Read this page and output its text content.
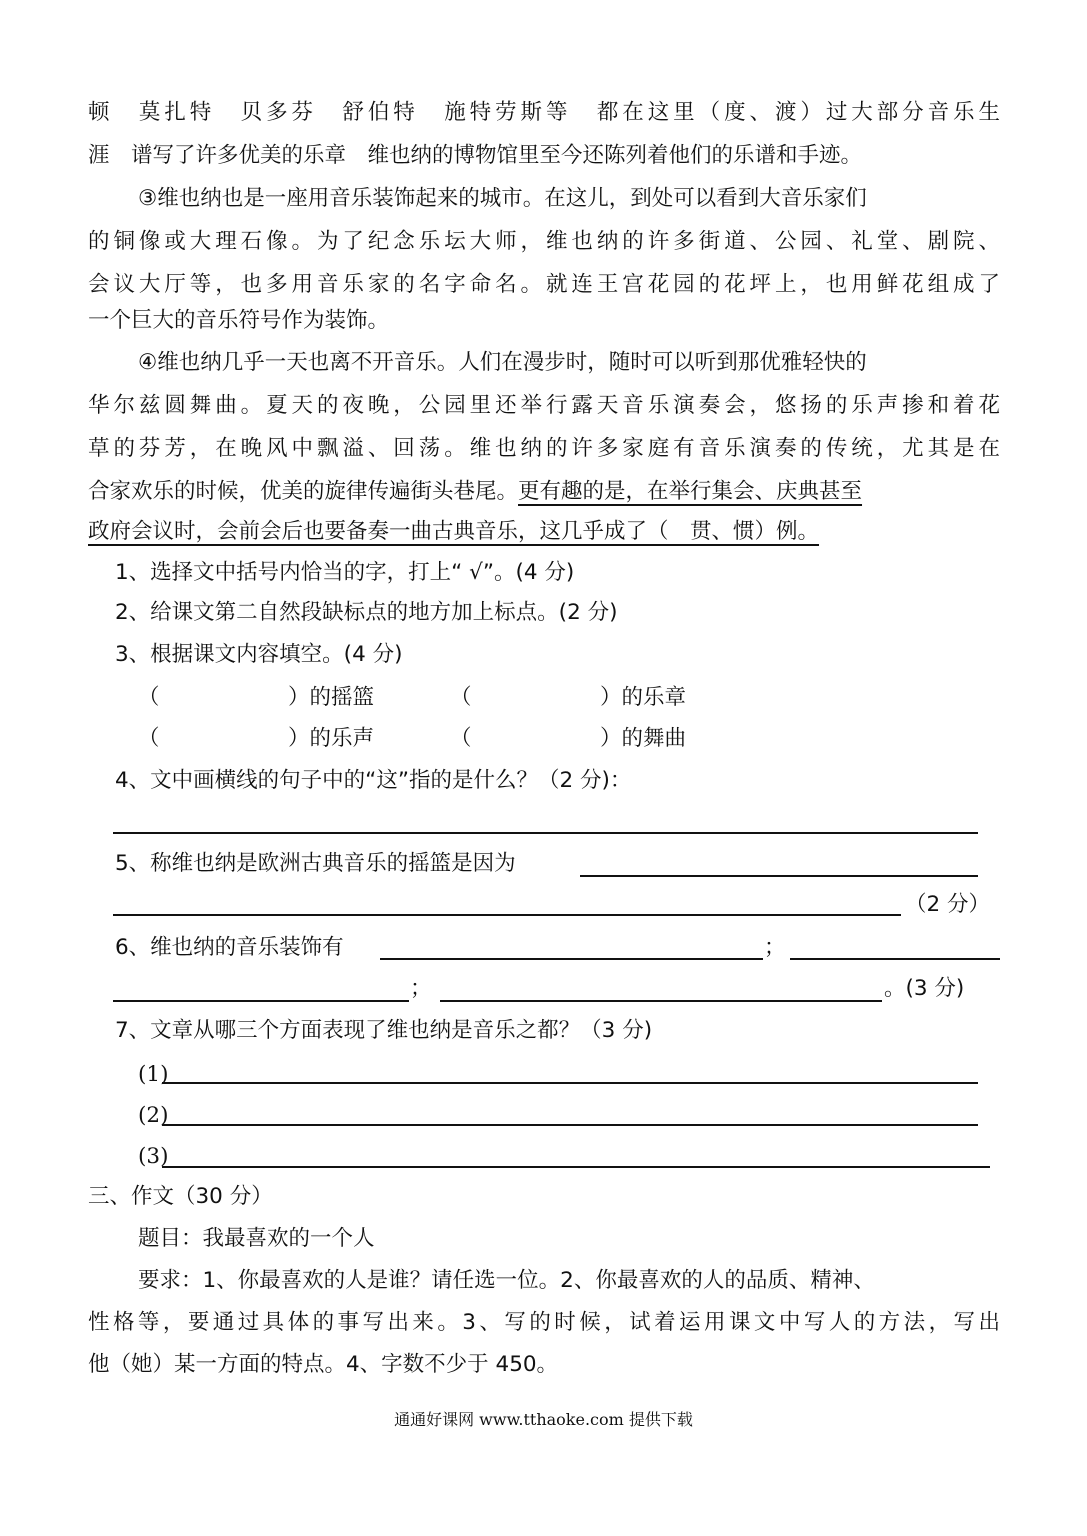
顿　莫扎特　贝多芬　舒伯特　施特劳斯等　都在这里（度、渡）过大部分音乐生
涯　谱写了许多优美的乐章　维也纳的博物馆里至今还陈列着他们的乐谱和手迹。
③维也纳也是一座用音乐装饰起来的城市。在这儿，到处可以看到大音乐家们
的铜像或大理石像。为了纪念乐坛大师，维也纳的许多街道、公园、礼堂、剧院、
会议大厅等，也多用音乐家的名字命名。就连王宫花园的花坪上，也用鲜花组成了
一个巨大的音乐符号作为装饰。
④维也纳几乎一天也离不开音乐。人们在漫步时，随时可以听到那优雅轻快的
华尔兹圆舞曲。夏天的夜晚，公园里还举行露天音乐演奏会，悠扬的乐声掺和着花
草的芬芳，在晚风中飘溢、回荡。维也纳的许多家庭有音乐演奏的传统，尤其是在
合家欢乐的时候，优美的旋律传遍街头巷尾。更有趣的是，在举行集会、庆典甚至
政府会议时，会前会后也要备奏一曲古典音乐，这几乎成了（　贯、惯）例。
1、选择文中括号内恰当的字，打上“ √”。(4 分)
2、给课文第二自然段缺标点的地方加上标点。(2 分)
3、根据课文内容填空。(4 分)
（	）的摇篮	（	）的乐章
（	）的乐声	（	）的舞曲
4、文中画横线的句子中的“这”指的是什么？（2 分)：
5、称维也纳是欧洲古典音乐的摇篮是因为
（2 分）
6、维也纳的音乐装饰有	；
；	。(3 分)
7、文章从哪三个方面表现了维也纳是音乐之都？（3 分)
(1)
(2)
(3)
三、作文（30 分）
题目：我最喜欢的一个人
要求：1、你最喜欢的人是谁？请任选一位。2、你最喜欢的人的品质、精神、
性格等，要通过具体的事写出来。3、写的时候，试着运用课文中写人的方法，写出
他（她）某一方面的特点。4、字数不少于 450。
通通好课网 www.tthaoke.com 提供下载
